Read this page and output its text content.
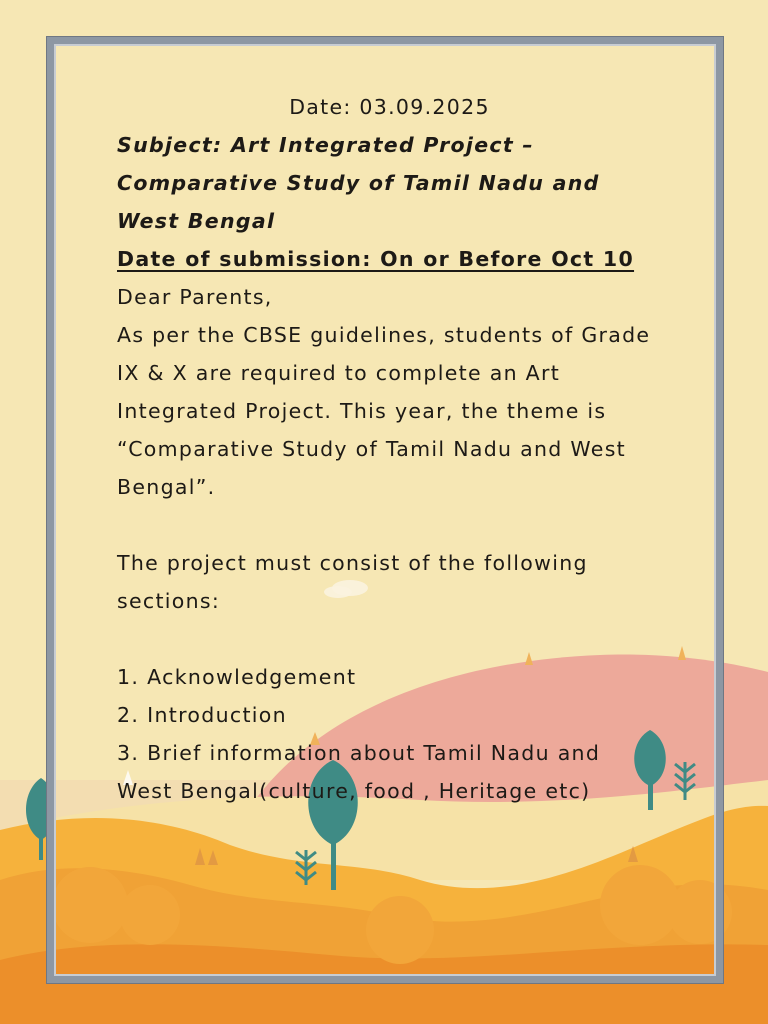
Date: 03.09.2025

Subject: Art Integrated Project – Comparative Study of Tamil Nadu and West Bengal

Date of submission: On or Before Oct 10

Dear Parents,

As per the CBSE guidelines, students of Grade IX & X are required to complete an Art Integrated Project. This year, the theme is “Comparative Study of Tamil Nadu and West Bengal”.

The project must consist of the following sections:

1. Acknowledgement
2. Introduction
3. Brief information about Tamil Nadu and West Bengal(culture, food , Heritage etc)
